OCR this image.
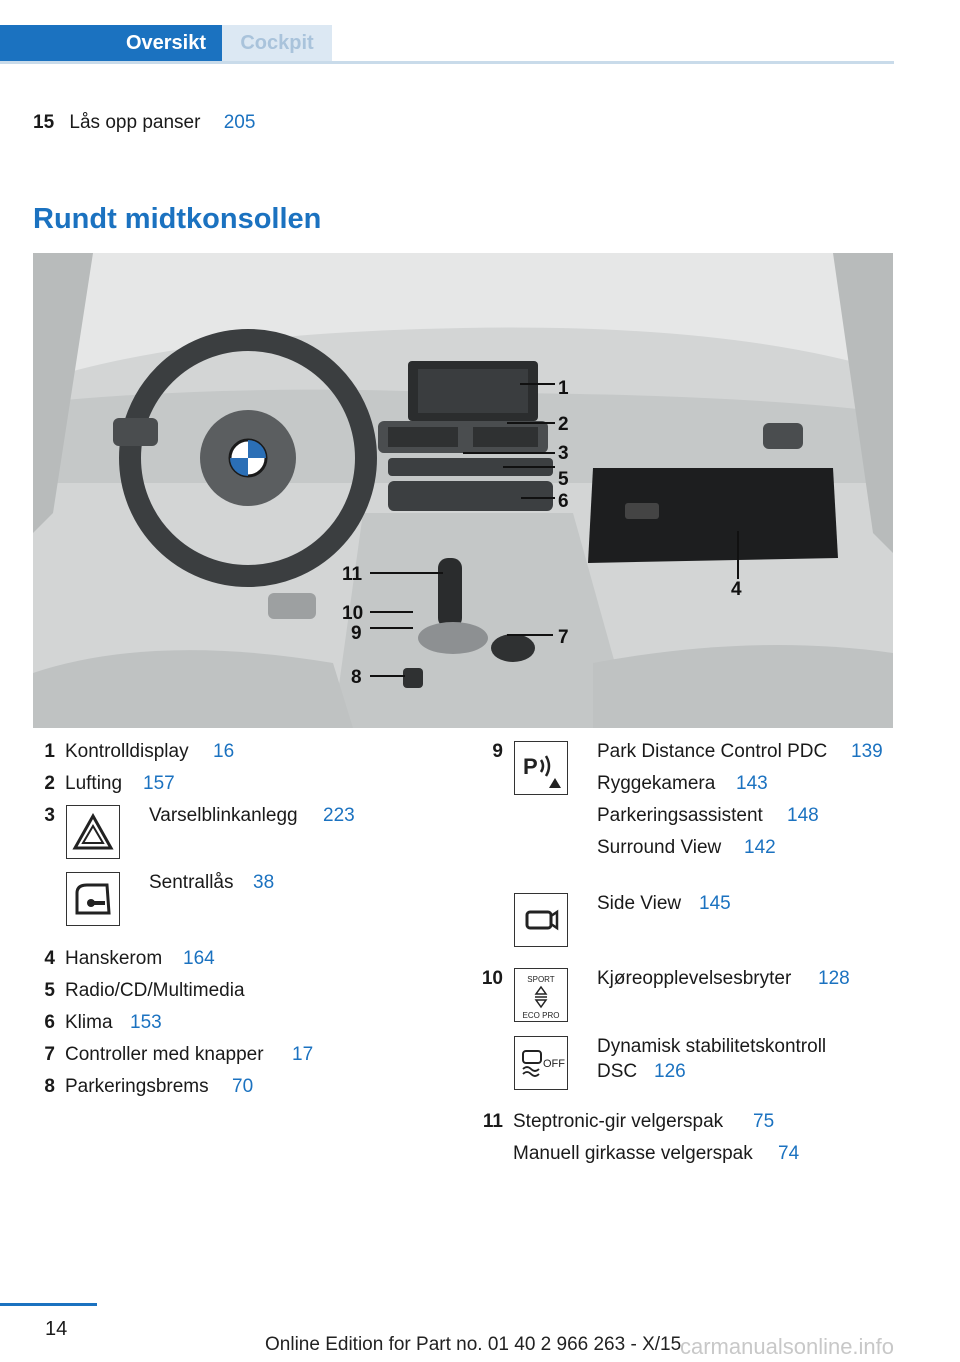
Oversikt	Cockpit
15 Lås opp panser 205
Rundt midtkonsollen
1
2
3
5
6
4
11
10
9	7
8
1 Kontrolldisplay 16
2 Lufting 157
3	Varselblinkanlegg 223
Sentrallås 38
4 Hanskerom 164
5 Radio/CD/Multimedia
6 Klima 153
7 Controller med knapper 17
8 Parkeringsbrems 70
9
P
Park Distance Control PDC 139
Ryggekamera 143
Parkeringsassistent 148
Surround View 142
Side View 145
10	SPORT
ECO PRO
Kjøreopplevelsesbryter 128
OFF
Dynamisk stabilitetskontroll
DSC 126
11 Steptronic-gir velgerspak 75
Manuell girkasse velgerspak 74
14
Online Edition for Part no. 01 40 2 966 263 - X/15
carmanualsonline.info
